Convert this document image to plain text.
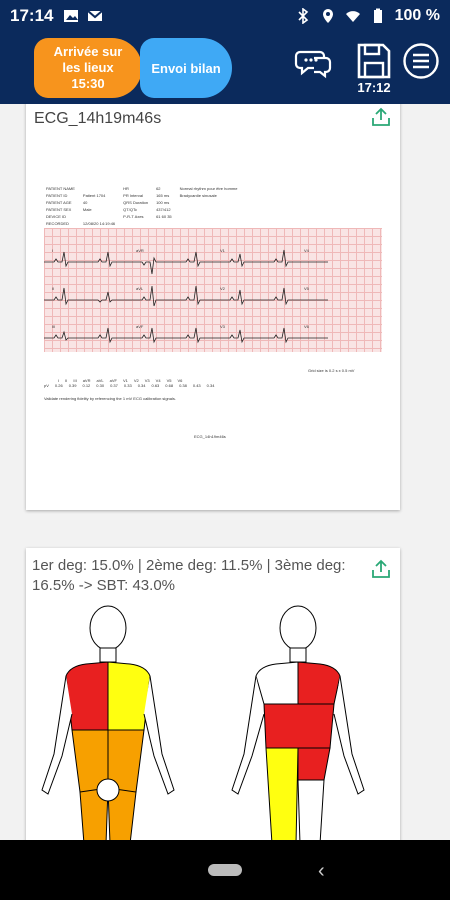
17:14	100 %
Arrivée sur
les lieux
15:30
Envoi bilan
17:12
ECG_14h19m46s
PATIENT NAME		HR	62	Normal rhythm pour être homme
PATIENT ID	Patient 1704	PR Interval	165 ms	Bradycardie sinusale
PATIENT AGE	40	QRS Duration	100 ms	
PATIENT SEX	Male	QT/QTc	437/412	
DEVICE ID		P-R-T Axes	61 60 35	
RECORDED	12/08/20 14:19:46			
I	aVR	V1	V4
II	aVL	V2	V5
III	aVF	V3	V6
Grid size is 0.2 s x 0.5 mV
I II III aVR aVL aVF V1 V2 V3 V4 V5 V6
pV 0.26 0.39 0.12 0.30 0.37 0.33 0.34 0.63 0.68 0.38 0.43 0.34
Validate rendering fidelity by referencing the 1 mV ECG calibration signals.
ECG_14h19m46s
1er deg: 15.0% | 2ème deg: 11.5% | 3ème deg: 16.5% -> SBT: 43.0%
‹
